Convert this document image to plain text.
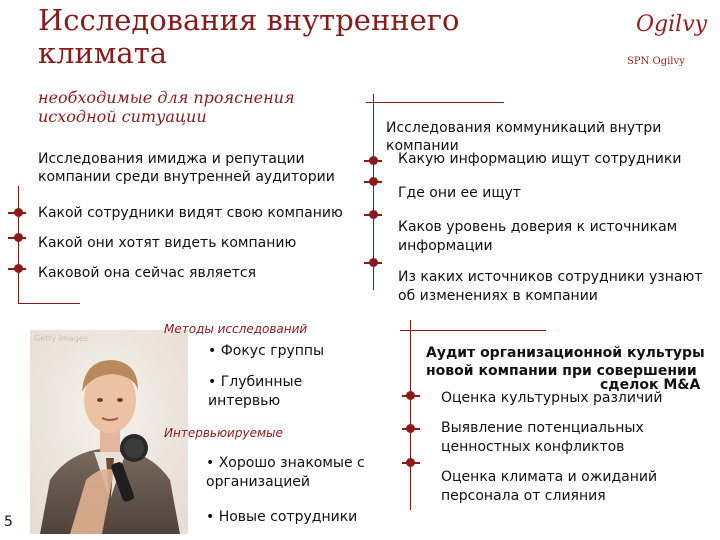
Исследования внутреннего
климата
необходимые для прояснения
исходной ситуации
Ogilvy
SPN Ogilvy
Исследования имиджа и репутации
компании среди внутренней аудитории
Какой сотрудники видят свою компанию
Какой они хотят видеть компанию
Каковой она сейчас является
Исследования коммуникаций внутри
компании
Какую информацию ищут сотрудники
Где они ее ищут
Каков уровень доверия к источникам
информации
Из каких источников сотрудники узнают
об изменениях в компании
Getty Images
Методы исследований
• Фокус группы
• Глубинные
интервью
Интервьюируемые
• Хорошо знакомые с
организацией
• Новые сотрудники
Аудит организационной культуры
новой компании при совершении
сделок M&A
Оценка культурных различий
Выявление потенциальных
ценностных конфликтов
Оценка климата и ожиданий
персонала от слияния
5
